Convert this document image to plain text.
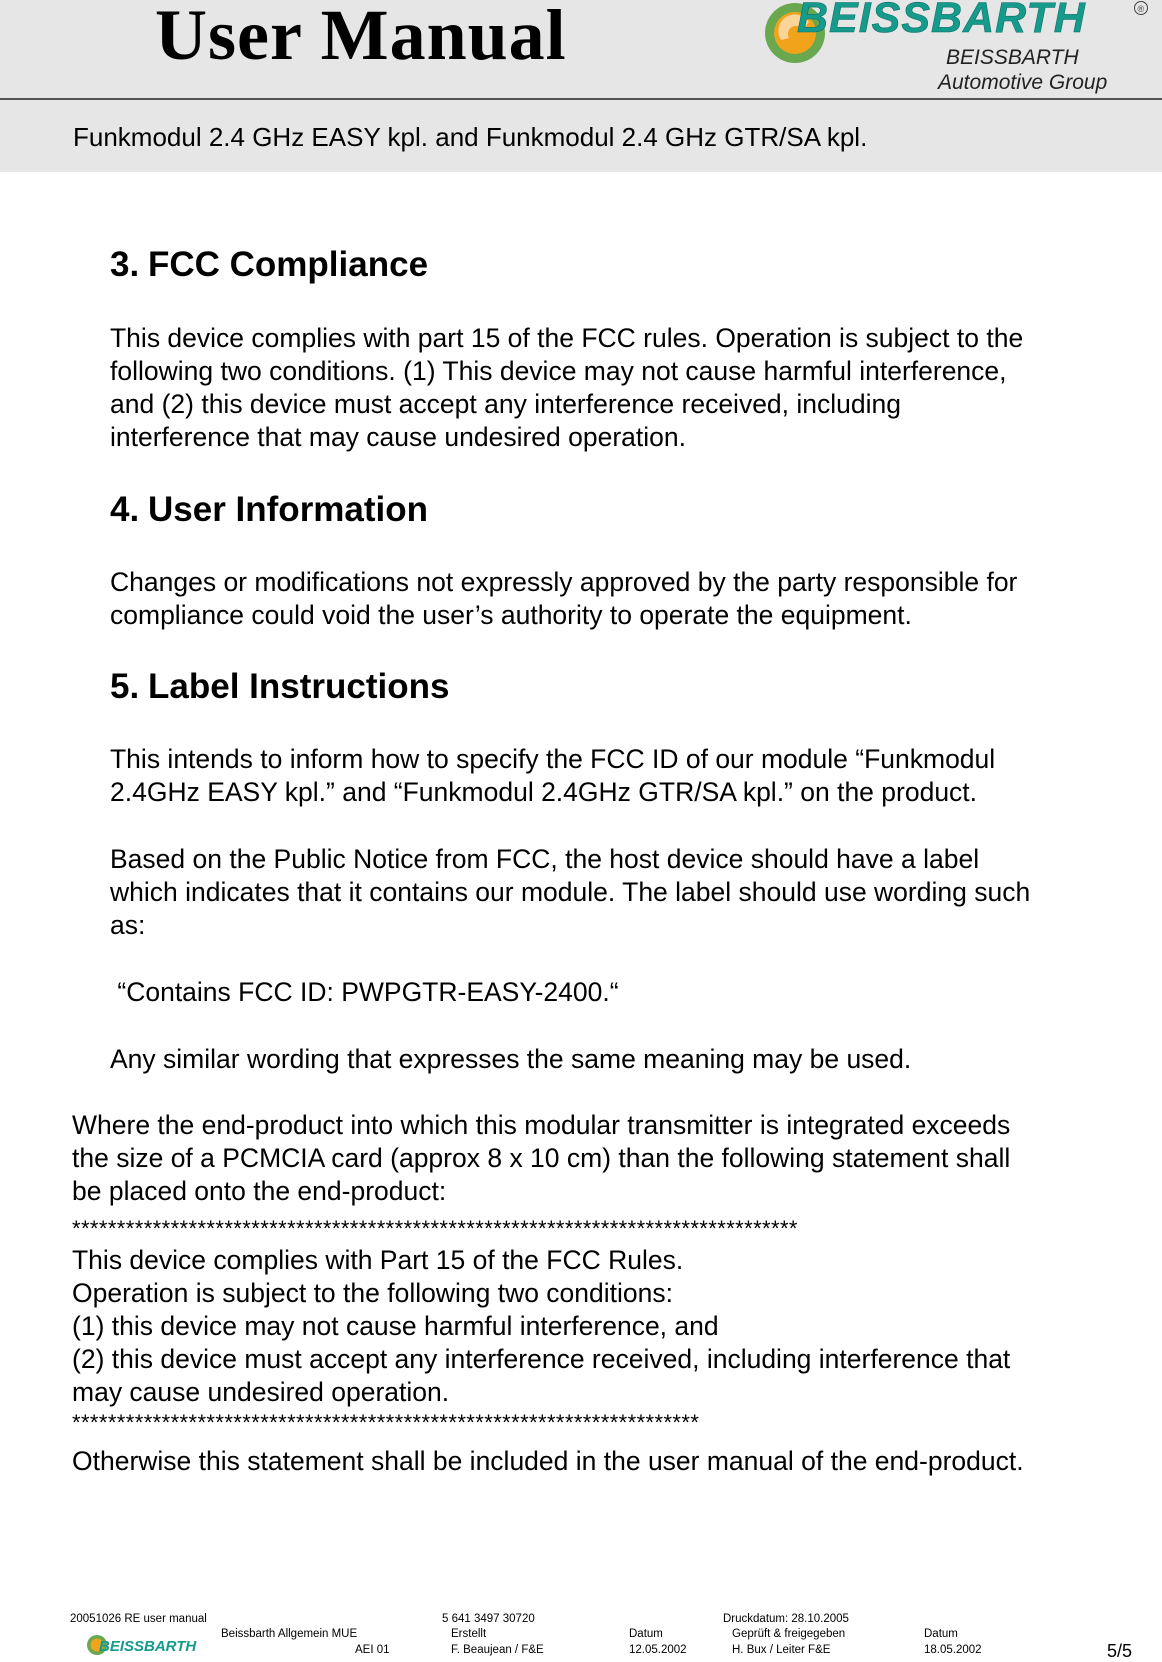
User Manual
Funkmodul 2.4 GHz EASY kpl. and Funkmodul 2.4 GHz GTR/SA kpl.
BEISSBARTH	®
BEISSBARTH
Automotive Group
3. FCC Compliance
This device complies with part 15 of the FCC rules. Operation is subject to the
following two conditions. (1) This device may not cause harmful interference,
and (2) this device must accept any interference received, including
interference that may cause undesired operation.
4. User Information
Changes or modifications not expressly approved by the party responsible for
compliance could void the user’s authority to operate the equipment.
5. Label Instructions
This intends to inform how to specify the FCC ID of our module “Funkmodul
2.4GHz EASY kpl.” and “Funkmodul 2.4GHz GTR/SA kpl.” on the product.
Based on the Public Notice from FCC, the host device should have a label
which indicates that it contains our module. The label should use wording such
as:
“Contains FCC ID: PWPGTR-EASY-2400.“
Any similar wording that expresses the same meaning may be used.
Where the end-product into which this modular transmitter is integrated exceeds
the size of a PCMCIA card (approx 8 x 10 cm) than the following statement shall
be placed onto the end-product:
*********************************************************************************
This device complies with Part 15 of the FCC Rules.
Operation is subject to the following two conditions:
(1) this device may not cause harmful interference, and
(2) this device must accept any interference received, including interference that
may cause undesired operation.
**********************************************************************
Otherwise this statement shall be included in the user manual of the end-product.
20051026 RE user manual
Beissbarth Allgemein MUE
AEI 01
5 641 3497 30720
Erstellt
F. Beaujean / F&E
Datum
12.05.2002
Druckdatum: 28.10.2005
Geprüft & freigegeben
H. Bux / Leiter F&E
Datum
18.05.2002
BEISSBARTH	5/5
